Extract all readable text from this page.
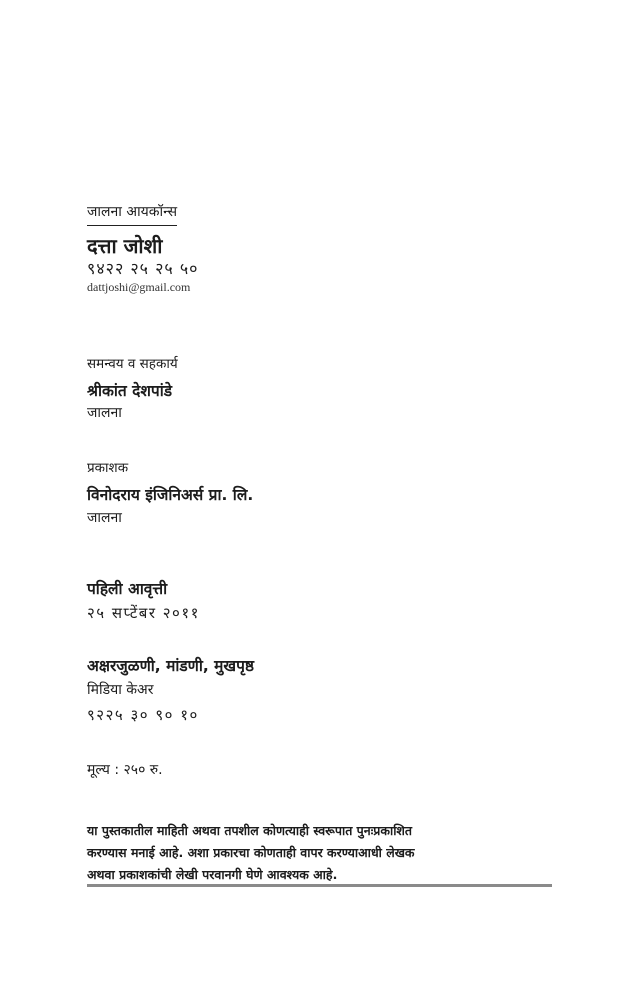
जालना आयकॉन्स
दत्ता जोशी
९४२२ २५ २५ ५०
dattjoshi@gmail.com
समन्वय व सहकार्य
श्रीकांत देशपांडे
जालना
प्रकाशक
विनोदराय इंजिनिअर्स प्रा. लि.
जालना
पहिली आवृत्ती
२५ सप्टेंबर २०११
अक्षरजुळणी, मांडणी, मुखपृष्ठ
मिडिया केअर
९२२५ ३० ९० १०
मूल्य : २५० रु.
या पुस्तकातील माहिती अथवा तपशील कोणत्याही स्वरूपात पुनःप्रकाशित
करण्यास मनाई आहे. अशा प्रकारचा कोणताही वापर करण्याआधी लेखक
अथवा प्रकाशकांची लेखी परवानगी घेणे आवश्यक आहे.
